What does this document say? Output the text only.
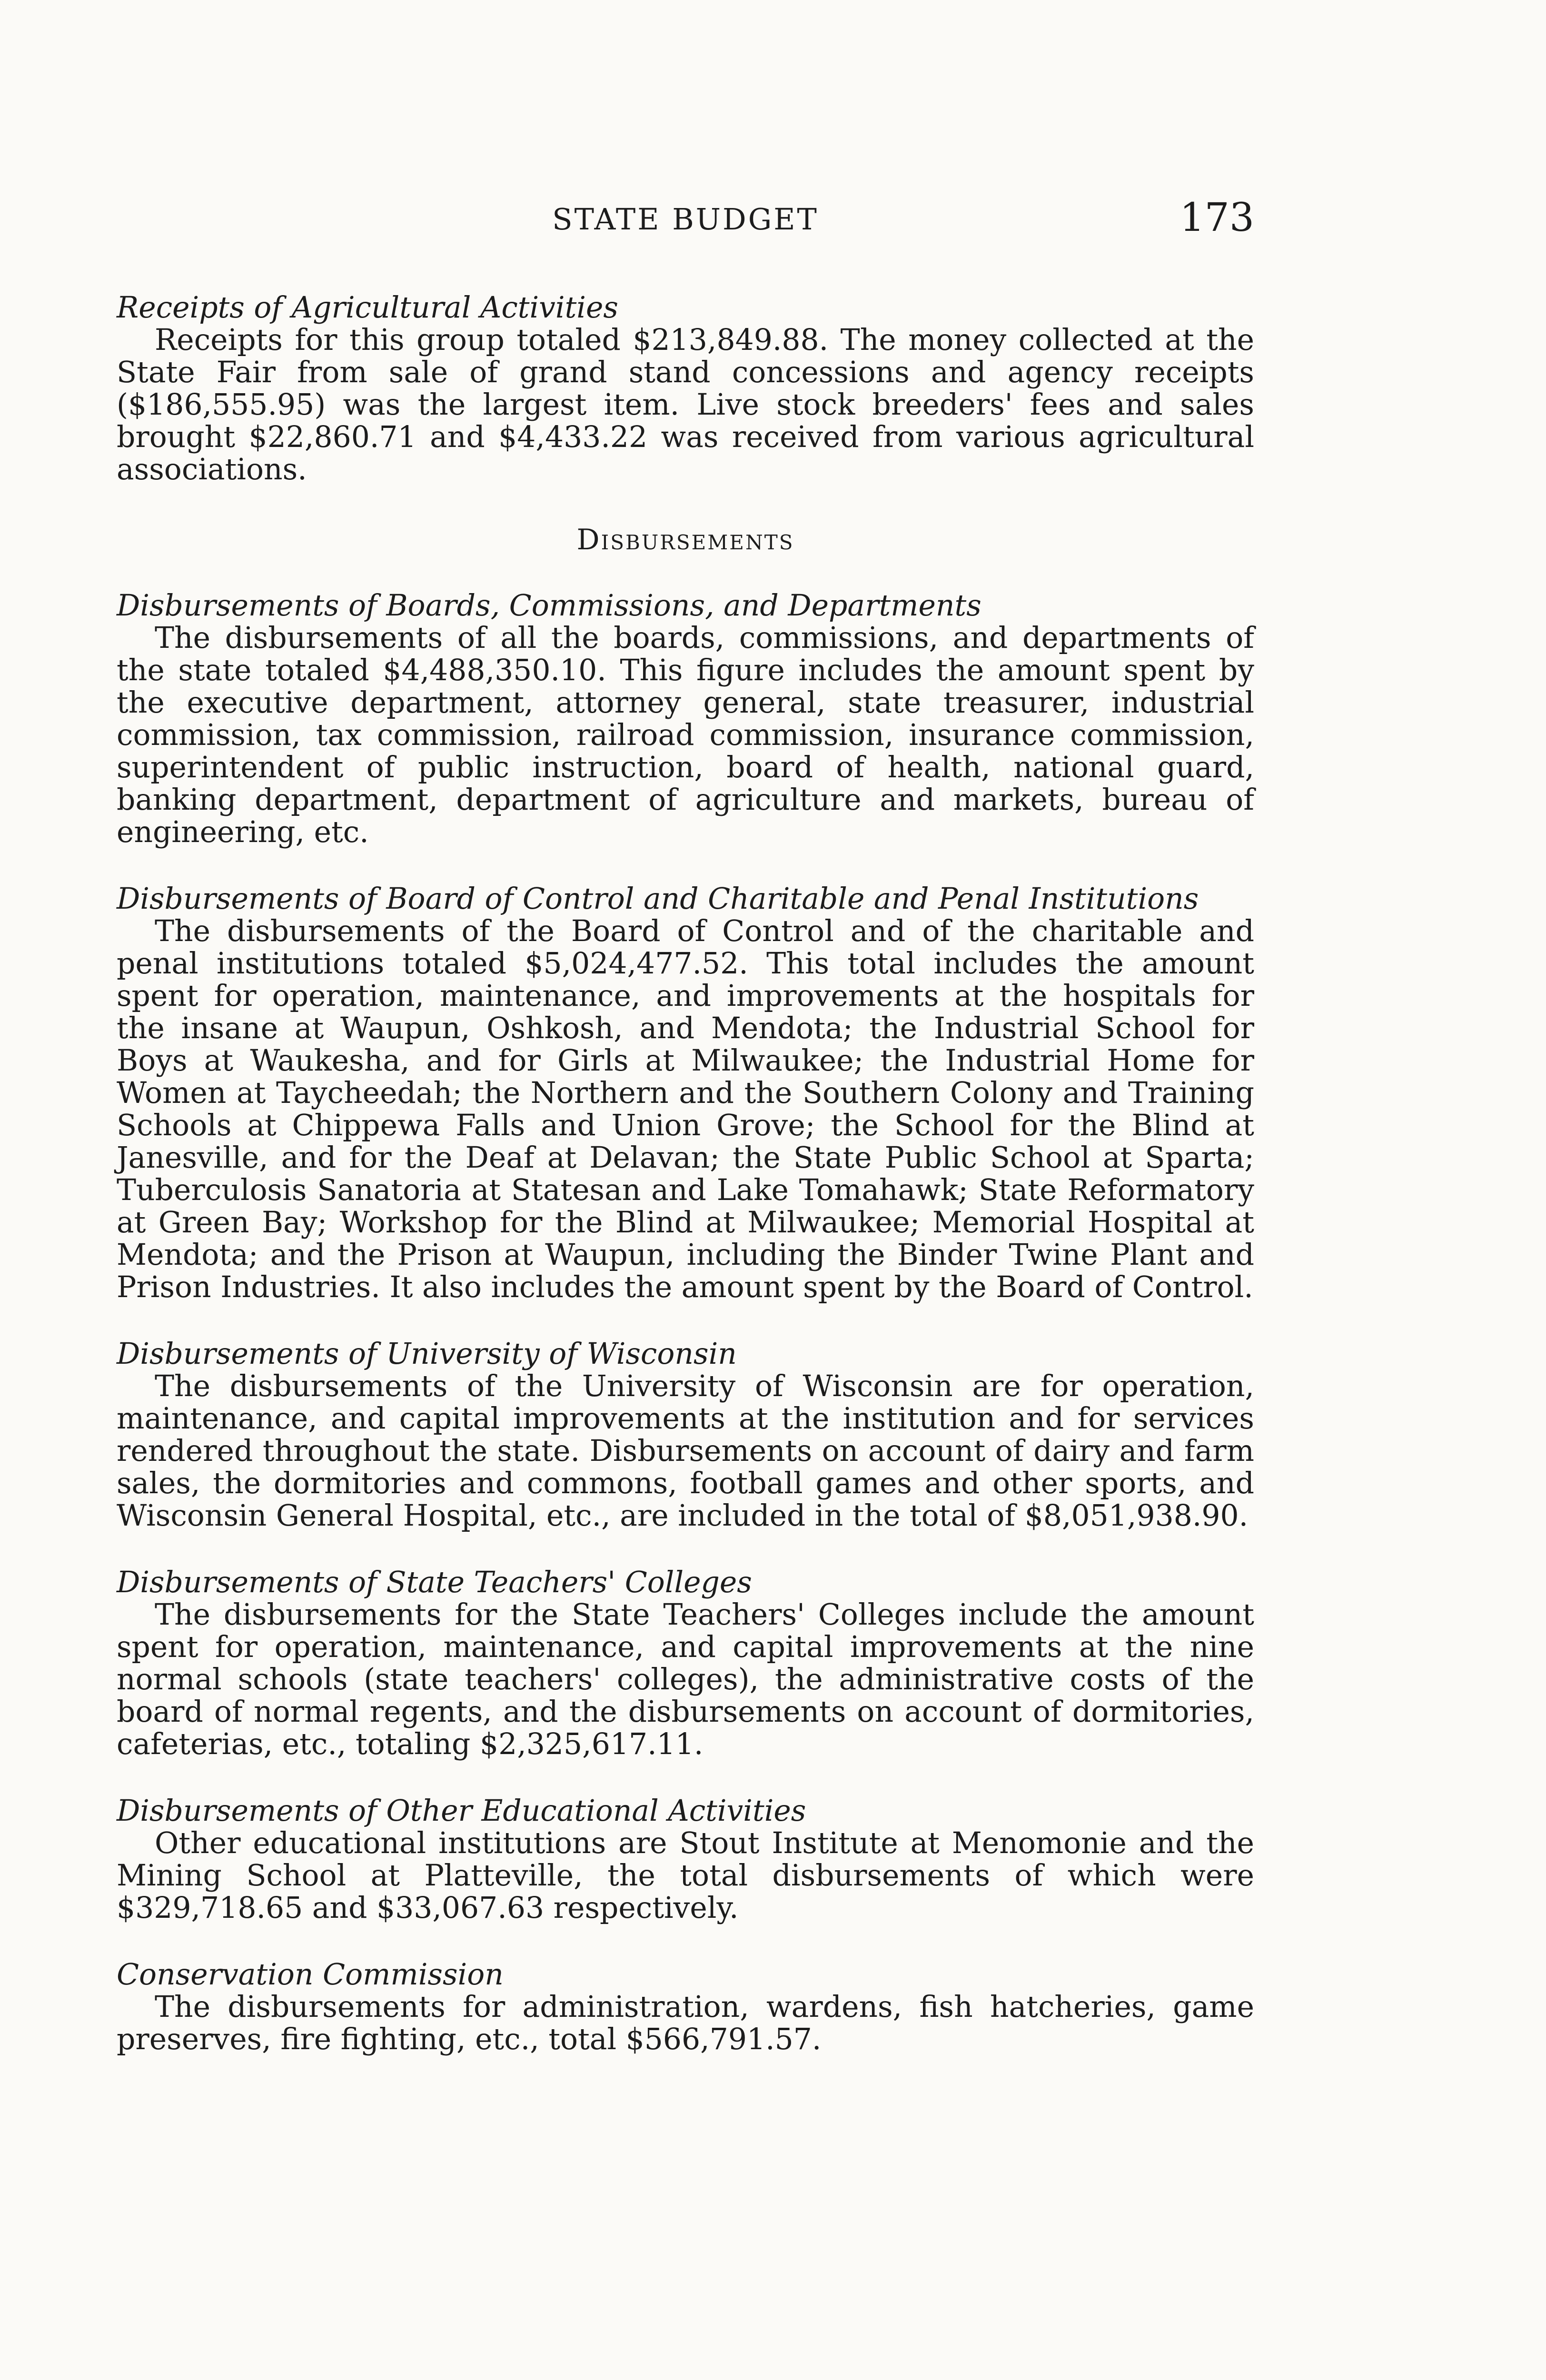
STATE BUDGET	173

Receipts of Agricultural Activities

Receipts for this group totaled $213,849.88. The money collected at the State Fair from sale of grand stand concessions and agency receipts ($186,555.95) was the largest item. Live stock breeders' fees and sales brought $22,860.71 and $4,433.22 was received from various agricultural associations.

Disbursements

Disbursements of Boards, Commissions, and Departments

The disbursements of all the boards, commissions, and departments of the state totaled $4,488,350.10. This figure includes the amount spent by the executive department, attorney general, state treasurer, industrial commission, tax commission, railroad commission, insurance commission, superintendent of public instruction, board of health, national guard, banking department, department of agriculture and markets, bureau of engineering, etc.

Disbursements of Board of Control and Charitable and Penal Institutions

The disbursements of the Board of Control and of the charitable and penal institutions totaled $5,024,477.52. This total includes the amount spent for operation, maintenance, and improvements at the hospitals for the insane at Waupun, Oshkosh, and Mendota; the Industrial School for Boys at Waukesha, and for Girls at Milwaukee; the Industrial Home for Women at Taycheedah; the Northern and the Southern Colony and Training Schools at Chippewa Falls and Union Grove; the School for the Blind at Janesville, and for the Deaf at Delavan; the State Public School at Sparta; Tuberculosis Sanatoria at Statesan and Lake Tomahawk; State Reformatory at Green Bay; Workshop for the Blind at Milwaukee; Memorial Hospital at Mendota; and the Prison at Waupun, including the Binder Twine Plant and Prison Industries. It also includes the amount spent by the Board of Control.

Disbursements of University of Wisconsin

The disbursements of the University of Wisconsin are for operation, maintenance, and capital improvements at the institution and for services rendered throughout the state. Disbursements on account of dairy and farm sales, the dormitories and commons, football games and other sports, and Wisconsin General Hospital, etc., are included in the total of $8,051,938.90.

Disbursements of State Teachers' Colleges

The disbursements for the State Teachers' Colleges include the amount spent for operation, maintenance, and capital improvements at the nine normal schools (state teachers' colleges), the administrative costs of the board of normal regents, and the disbursements on account of dormitories, cafeterias, etc., totaling $2,325,617.11.

Disbursements of Other Educational Activities

Other educational institutions are Stout Institute at Menomonie and the Mining School at Platteville, the total disbursements of which were $329,718.65 and $33,067.63 respectively.

Conservation Commission

The disbursements for administration, wardens, fish hatcheries, game preserves, fire fighting, etc., total $566,791.57.
